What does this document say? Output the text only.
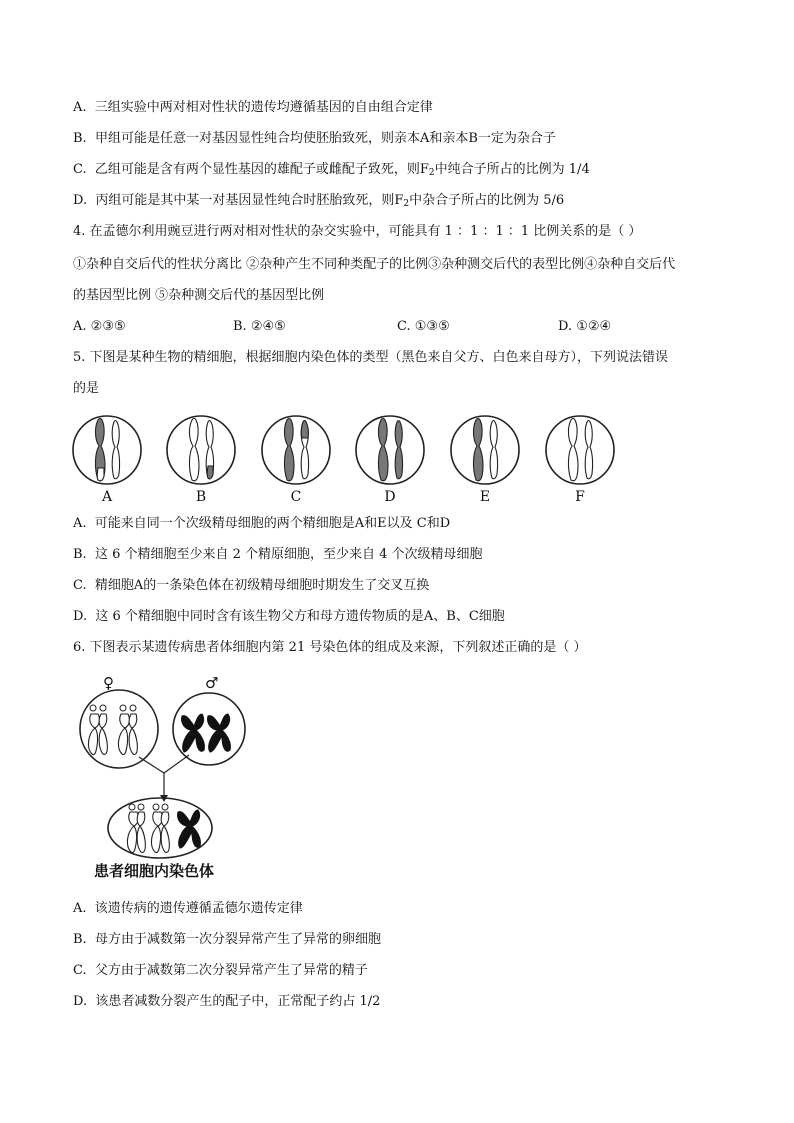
A. 三组实验中两对相对性状的遗传均遵循基因的自由组合定律
B. 甲组可能是任意一对基因显性纯合均使胚胎致死，则亲本A和亲本B一定为杂合子
C. 乙组可能是含有两个显性基因的雄配子或雌配子致死，则$F_2$中纯合子所占的比例为 1/4
D. 丙组可能是其中某一对基因显性纯合时胚胎致死，则$F_2$中杂合子所占的比例为 5/6
4. 在孟德尔利用豌豆进行两对相对性状的杂交实验中，可能具有 1 ：1 ：1 ：1 比例关系的是（ ）
①杂种自交后代的性状分离比 ②杂种产生不同种类配子的比例③杂种测交后代的表型比例④杂种自交后代
的基因型比例 ⑤杂种测交后代的基因型比例
A. ②③⑤	B. ②④⑤	C. ①③⑤	D. ①②④
5. 下图是某种生物的精细胞，根据细胞内染色体的类型（黑色来自父方、白色来自母方），下列说法错误
的是
A	B	C	D	E	F
A. 可能来自同一个次级精母细胞的两个精细胞是A和E以及 C和D
B. 这 6 个精细胞至少来自 2 个精原细胞，至少来自 4 个次级精母细胞
C. 精细胞A的一条染色体在初级精母细胞时期发生了交叉互换
D. 这 6 个精细胞中同时含有该生物父方和母方遗传物质的是A、B、C细胞
6. 下图表示某遗传病患者体细胞内第 21 号染色体的组成及来源，下列叙述正确的是（ ）
♀	♂
患者细胞内染色体
A. 该遗传病的遗传遵循孟德尔遗传定律
B. 母方由于减数第一次分裂异常产生了异常的卵细胞
C. 父方由于减数第二次分裂异常产生了异常的精子
D. 该患者减数分裂产生的配子中，正常配子约占 1/2
